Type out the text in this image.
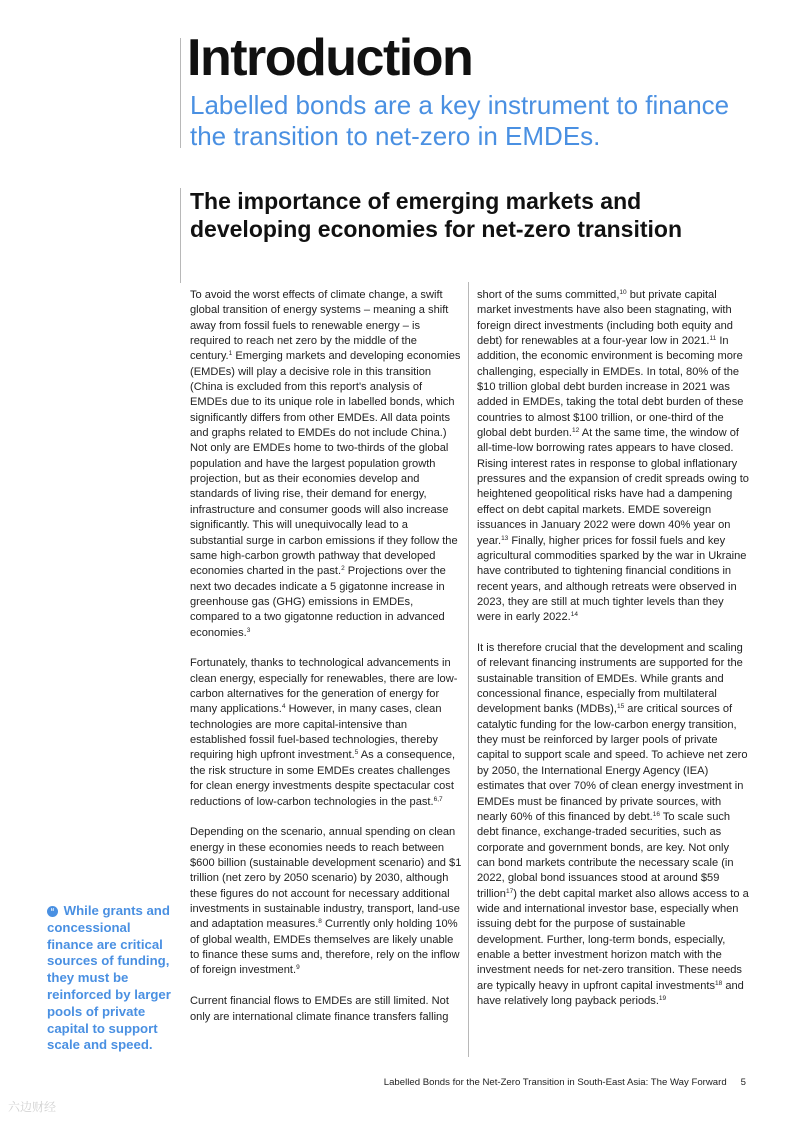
Introduction

Labelled bonds are a key instrument to finance the transition to net-zero in EMDEs.

The importance of emerging markets and developing economies for net-zero transition

To avoid the worst effects of climate change, a swift global transition of energy systems – meaning a shift away from fossil fuels to renewable energy – is required to reach net zero by the middle of the century.$^1$ Emerging markets and developing economies (EMDEs) will play a decisive role in this transition (China is excluded from this report's analysis of EMDEs due to its unique role in labelled bonds, which significantly differs from other EMDEs. All data points and graphs related to EMDEs do not include China.) Not only are EMDEs home to two-thirds of the global population and have the largest population growth projection, but as their economies develop and standards of living rise, their demand for energy, infrastructure and consumer goods will also increase significantly. This will unequivocally lead to a substantial surge in carbon emissions if they follow the same high-carbon growth pathway that developed economies charted in the past.$^2$ Projections over the next two decades indicate a 5 gigatonne increase in greenhouse gas (GHG) emissions in EMDEs, compared to a two gigatonne reduction in advanced economies.$^3$

Fortunately, thanks to technological advancements in clean energy, especially for renewables, there are low-carbon alternatives for the generation of energy for many applications.$^4$ However, in many cases, clean technologies are more capital-intensive than established fossil fuel-based technologies, thereby requiring high upfront investment.$^5$ As a consequence, the risk structure in some EMDEs creates challenges for clean energy investments despite spectacular cost reductions of low-carbon technologies in the past.$^{6,7}$

Depending on the scenario, annual spending on clean energy in these economies needs to reach between $600 billion (sustainable development scenario) and $1 trillion (net zero by 2050 scenario) by 2030, although these figures do not account for necessary additional investments in sustainable industry, transport, land-use and adaptation measures.$^8$ Currently only holding 10% of global wealth, EMDEs themselves are likely unable to finance these sums and, therefore, rely on the inflow of foreign investment.$^9$

Current financial flows to EMDEs are still limited. Not only are international climate finance transfers falling

short of the sums committed,$^{10}$ but private capital market investments have also been stagnating, with foreign direct investments (including both equity and debt) for renewables at a four-year low in 2021.11 In addition, the economic environment is becoming more challenging, especially in EMDEs. In total, 80% of the $10 trillion global debt burden increase in 2021 was added in EMDEs, taking the total debt burden of these countries to almost $100 trillion, or one-third of the global debt burden.$^{12}$ At the same time, the window of all-time-low borrowing rates appears to have closed. Rising interest rates in response to global inflationary pressures and the expansion of credit spreads owing to heightened geopolitical risks have had a dampening effect on debt capital markets. EMDE sovereign issuances in January 2022 were down 40% year on year.$^{13}$ Finally, higher prices for fossil fuels and key agricultural commodities sparked by the war in Ukraine have contributed to tightening financial conditions in recent years, and although retreats were observed in 2023, they are still at much tighter levels than they were in early 2022.14

It is therefore crucial that the development and scaling of relevant financing instruments are supported for the sustainable transition of EMDEs. While grants and concessional finance, especially from multilateral development banks (MDBs),$^{15}$ are critical sources of catalytic funding for the low-carbon energy transition, they must be reinforced by larger pools of private capital to support scale and speed. To achieve net zero by 2050, the International Energy Agency (IEA) estimates that over 70% of clean energy investment in EMDEs must be financed by private sources, with nearly 60% of this financed by debt.$^{16}$ To scale such debt finance, exchange-traded securities, such as corporate and government bonds, are key. Not only can bond markets contribute the necessary scale (in 2022, global bond issuances stood at around $59 trillion$^{17}$) the debt capital market also allows access to a wide and international investor base, especially when issuing debt for the purpose of sustainable development. Further, long-term bonds, especially, enable a better investment horizon match with the investment needs for net-zero transition. These needs are typically heavy in upfront capital investments$^{18}$ and have relatively long payback periods.$^{19}$

“ While grants and concessional finance are critical sources of funding, they must be reinforced by larger pools of private capital to support scale and speed.
Labelled Bonds for the Net-Zero Transition in South-East Asia: The Way Forward 5
六边财经
